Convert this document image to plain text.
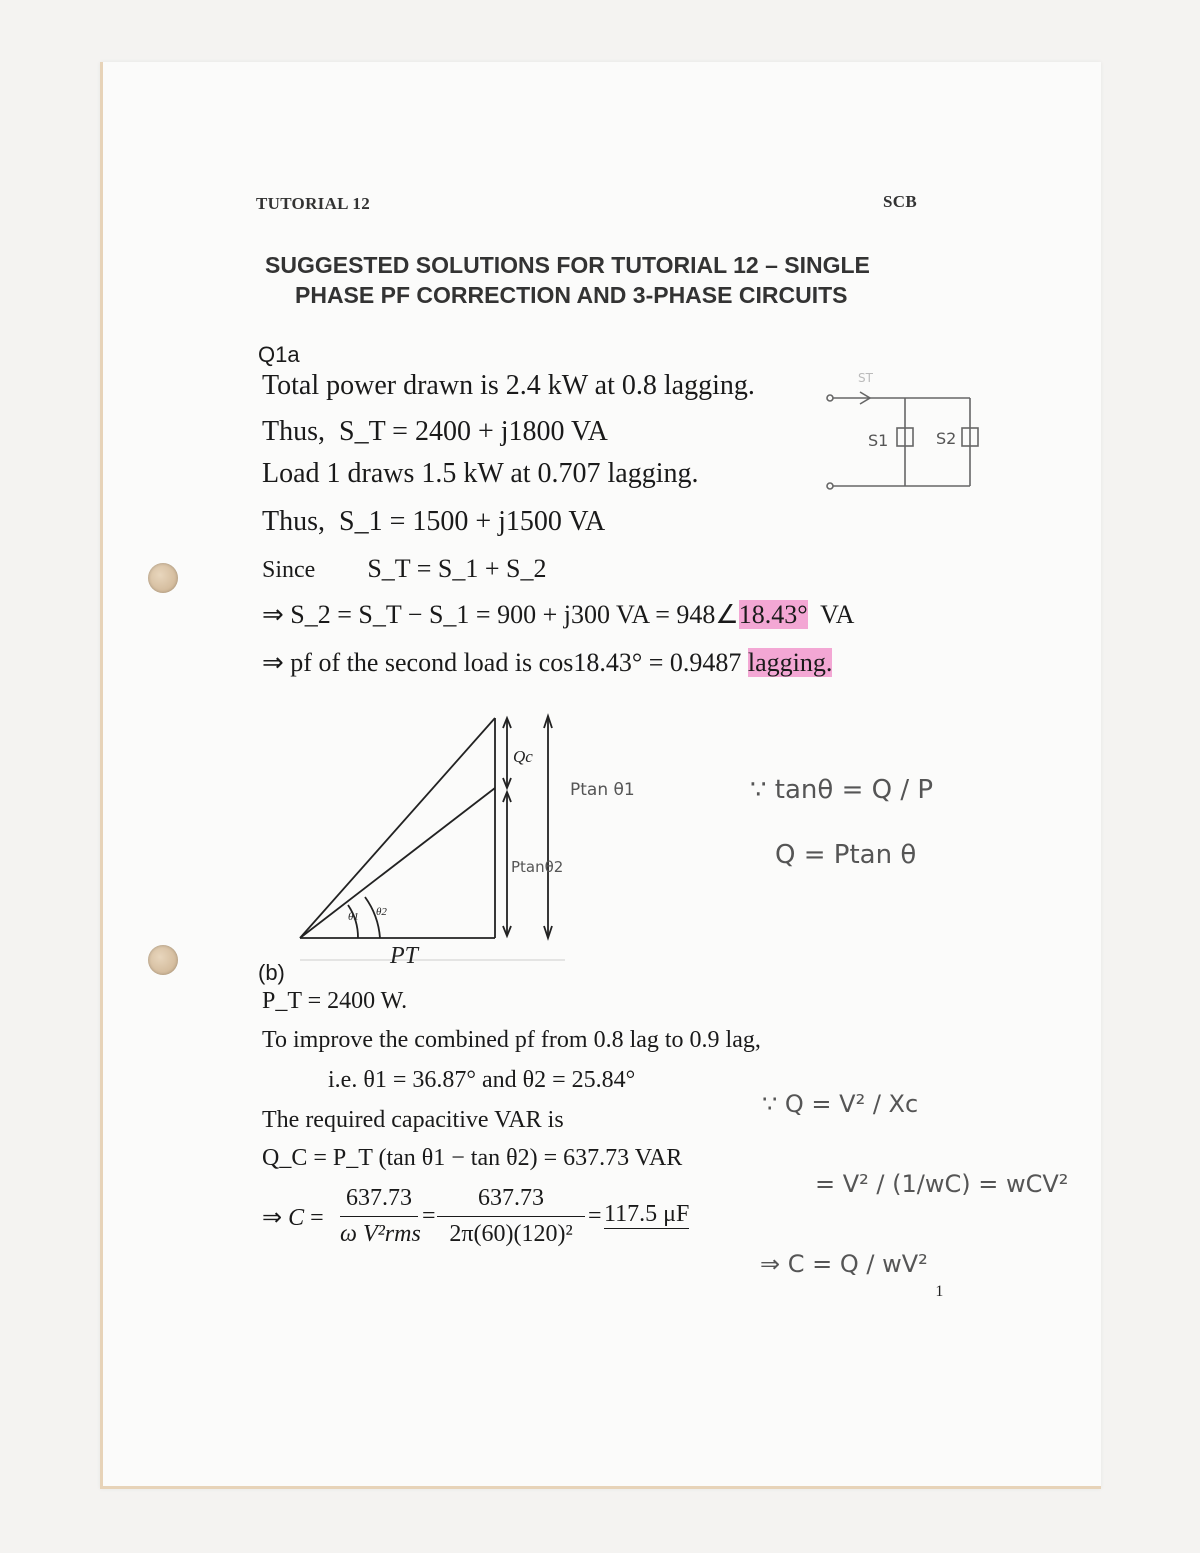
TUTORIAL 12	SCB
SUGGESTED SOLUTIONS FOR TUTORIAL 12 – SINGLE
PHASE PF CORRECTION AND 3-PHASE CIRCUITS
Q1a
Total power drawn is 2.4 kW at 0.8 lagging.
Thus, S_T = 2400 + j1800 VA
Load 1 draws 1.5 kW at 0.707 lagging.
Thus, S_1 = 1500 + j1500 VA
Since S_T = S_1 + S_2
⇒ S_2 = S_T − S_1 = 900 + j300 VA = 948∠18.43° VA
⇒ pf of the second load is cos18.43° = 0.9487 lagging.
ST
S1	S2
Qc
Ptan θ1
Ptanθ2
θ1 θ2
PT
∵ tanθ = Q / P
Q = Ptan θ
∵ Q = V² / Xc
= V² / (1/wC) = wCV²
⇒ C = Q / wV² $_1$
(b)
P_T = 2400 W.
To improve the combined pf from 0.8 lag to 0.9 lag,
i.e. θ1 = 36.87° and θ2 = 25.84°
The required capacitive VAR is
Q_C = P_T (tan θ1 − tan θ2) = 637.73 VAR
⇒ C =
637.73
ω V²rms
=
637.73
2π(60)(120)²
= 117.5 μF
